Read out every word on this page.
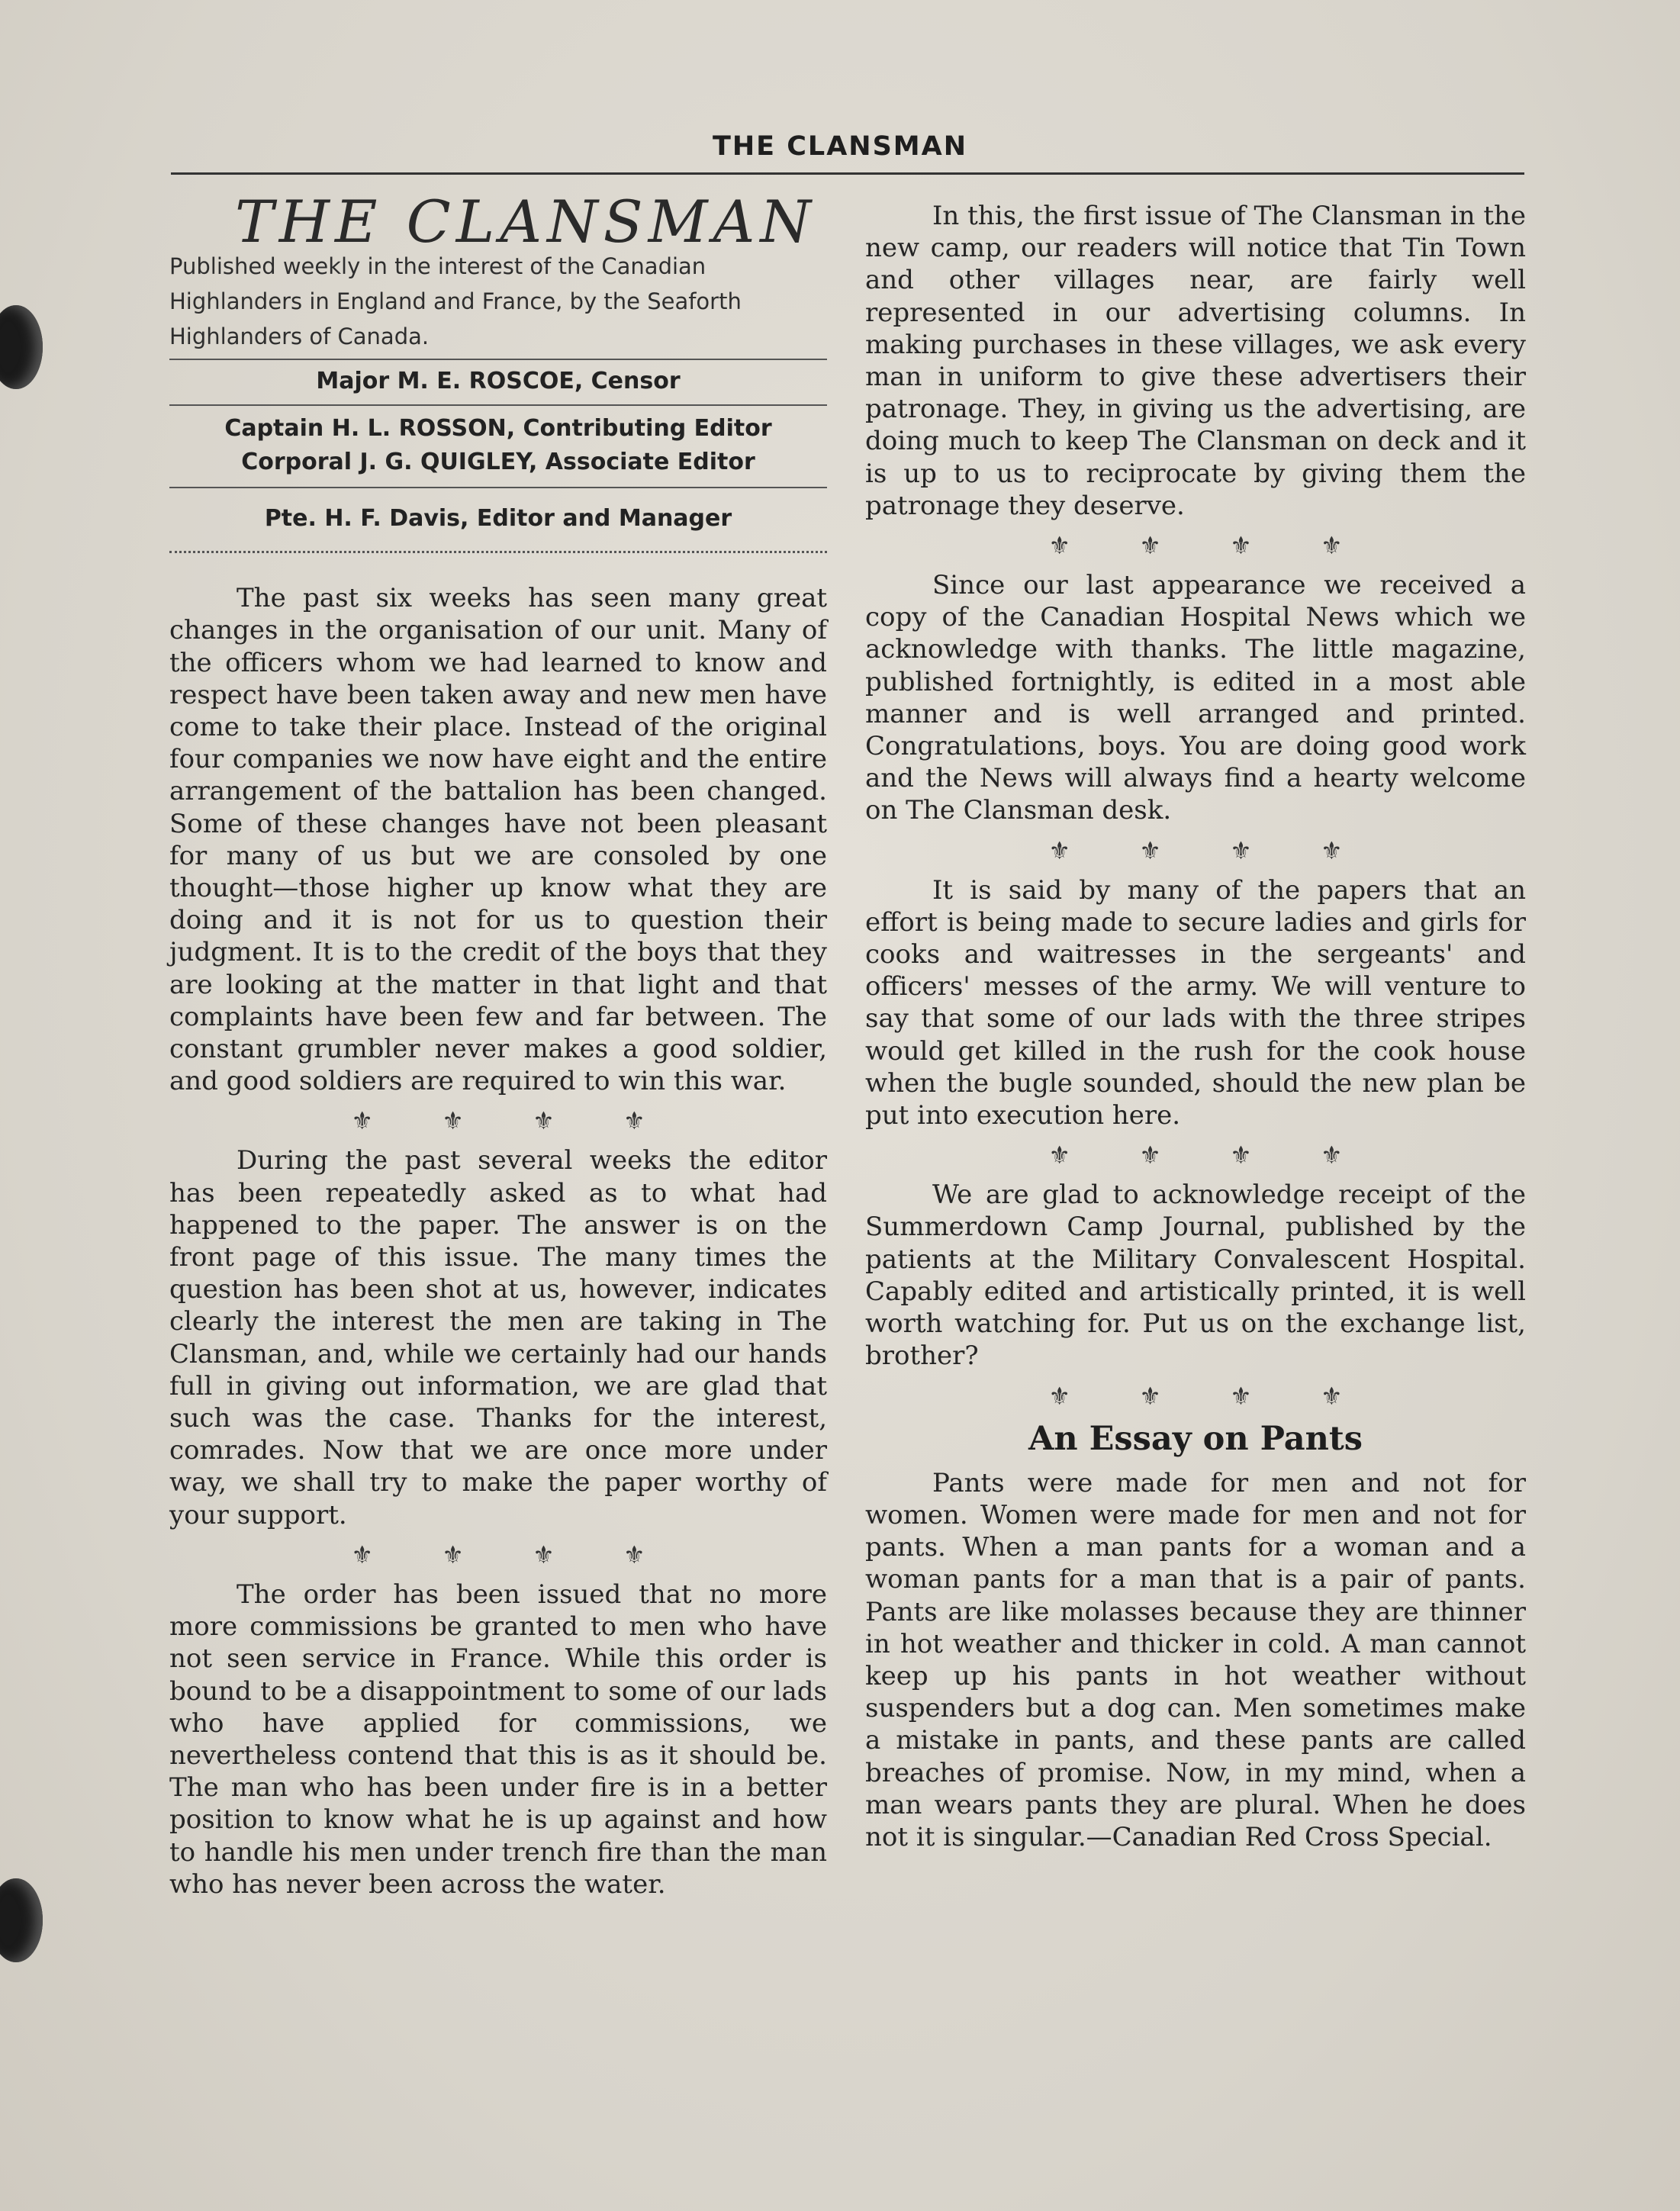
THE CLANSMAN
THE CLANSMAN

Published weekly in the interest of the Canadian Highlanders in England and France, by the Seaforth Highlanders of Canada.

Major M. E. ROSCOE, Censor
Captain H. L. ROSSON, Contributing Editor
Corporal J. G. QUIGLEY, Associate Editor
Pte. H. F. Davis, Editor and Manager

The past six weeks has seen many great changes in the organisation of our unit. Many of the officers whom we had learned to know and respect have been taken away and new men have come to take their place. Instead of the original four companies we now have eight and the entire arrangement of the battalion has been changed. Some of these changes have not been pleasant for many of us but we are consoled by one thought—those higher up know what they are doing and it is not for us to question their judgment. It is to the credit of the boys that they are looking at the matter in that light and that complaints have been few and far between. The constant grumbler never makes a good soldier, and good soldiers are required to win this war.

⚜ ⚜ ⚜ ⚜

During the past several weeks the editor has been repeatedly asked as to what had happened to the paper. The answer is on the front page of this issue. The many times the question has been shot at us, however, indicates clearly the interest the men are taking in The Clansman, and, while we certainly had our hands full in giving out information, we are glad that such was the case. Thanks for the interest, comrades. Now that we are once more under way, we shall try to make the paper worthy of your support.

⚜ ⚜ ⚜ ⚜

The order has been issued that no more more commissions be granted to men who have not seen service in France. While this order is bound to be a disappointment to some of our lads who have applied for commissions, we nevertheless contend that this is as it should be. The man who has been under fire is in a better position to know what he is up against and how to handle his men under trench fire than the man who has never been across the water.

In this, the first issue of The Clansman in the new camp, our readers will notice that Tin Town and other villages near, are fairly well represented in our advertising columns. In making purchases in these villages, we ask every man in uniform to give these advertisers their patronage. They, in giving us the advertising, are doing much to keep The Clansman on deck and it is up to us to reciprocate by giving them the patronage they deserve.

⚜ ⚜ ⚜ ⚜

Since our last appearance we received a copy of the Canadian Hospital News which we acknowledge with thanks. The little magazine, published fortnightly, is edited in a most able manner and is well arranged and printed. Congratulations, boys. You are doing good work and the News will always find a hearty welcome on The Clansman desk.

⚜ ⚜ ⚜ ⚜

It is said by many of the papers that an effort is being made to secure ladies and girls for cooks and waitresses in the sergeants' and officers' messes of the army. We will venture to say that some of our lads with the three stripes would get killed in the rush for the cook house when the bugle sounded, should the new plan be put into execution here.

⚜ ⚜ ⚜ ⚜

We are glad to acknowledge receipt of the Summerdown Camp Journal, published by the patients at the Military Convalescent Hospital. Capably edited and artistically printed, it is well worth watching for. Put us on the exchange list, brother?

⚜ ⚜ ⚜ ⚜
An Essay on Pants

Pants were made for men and not for women. Women were made for men and not for pants. When a man pants for a woman and a woman pants for a man that is a pair of pants. Pants are like molasses because they are thinner in hot weather and thicker in cold. A man cannot keep up his pants in hot weather without suspenders but a dog can. Men sometimes make a mistake in pants, and these pants are called breaches of promise. Now, in my mind, when a man wears pants they are plural. When he does not it is singular.—Canadian Red Cross Special.
